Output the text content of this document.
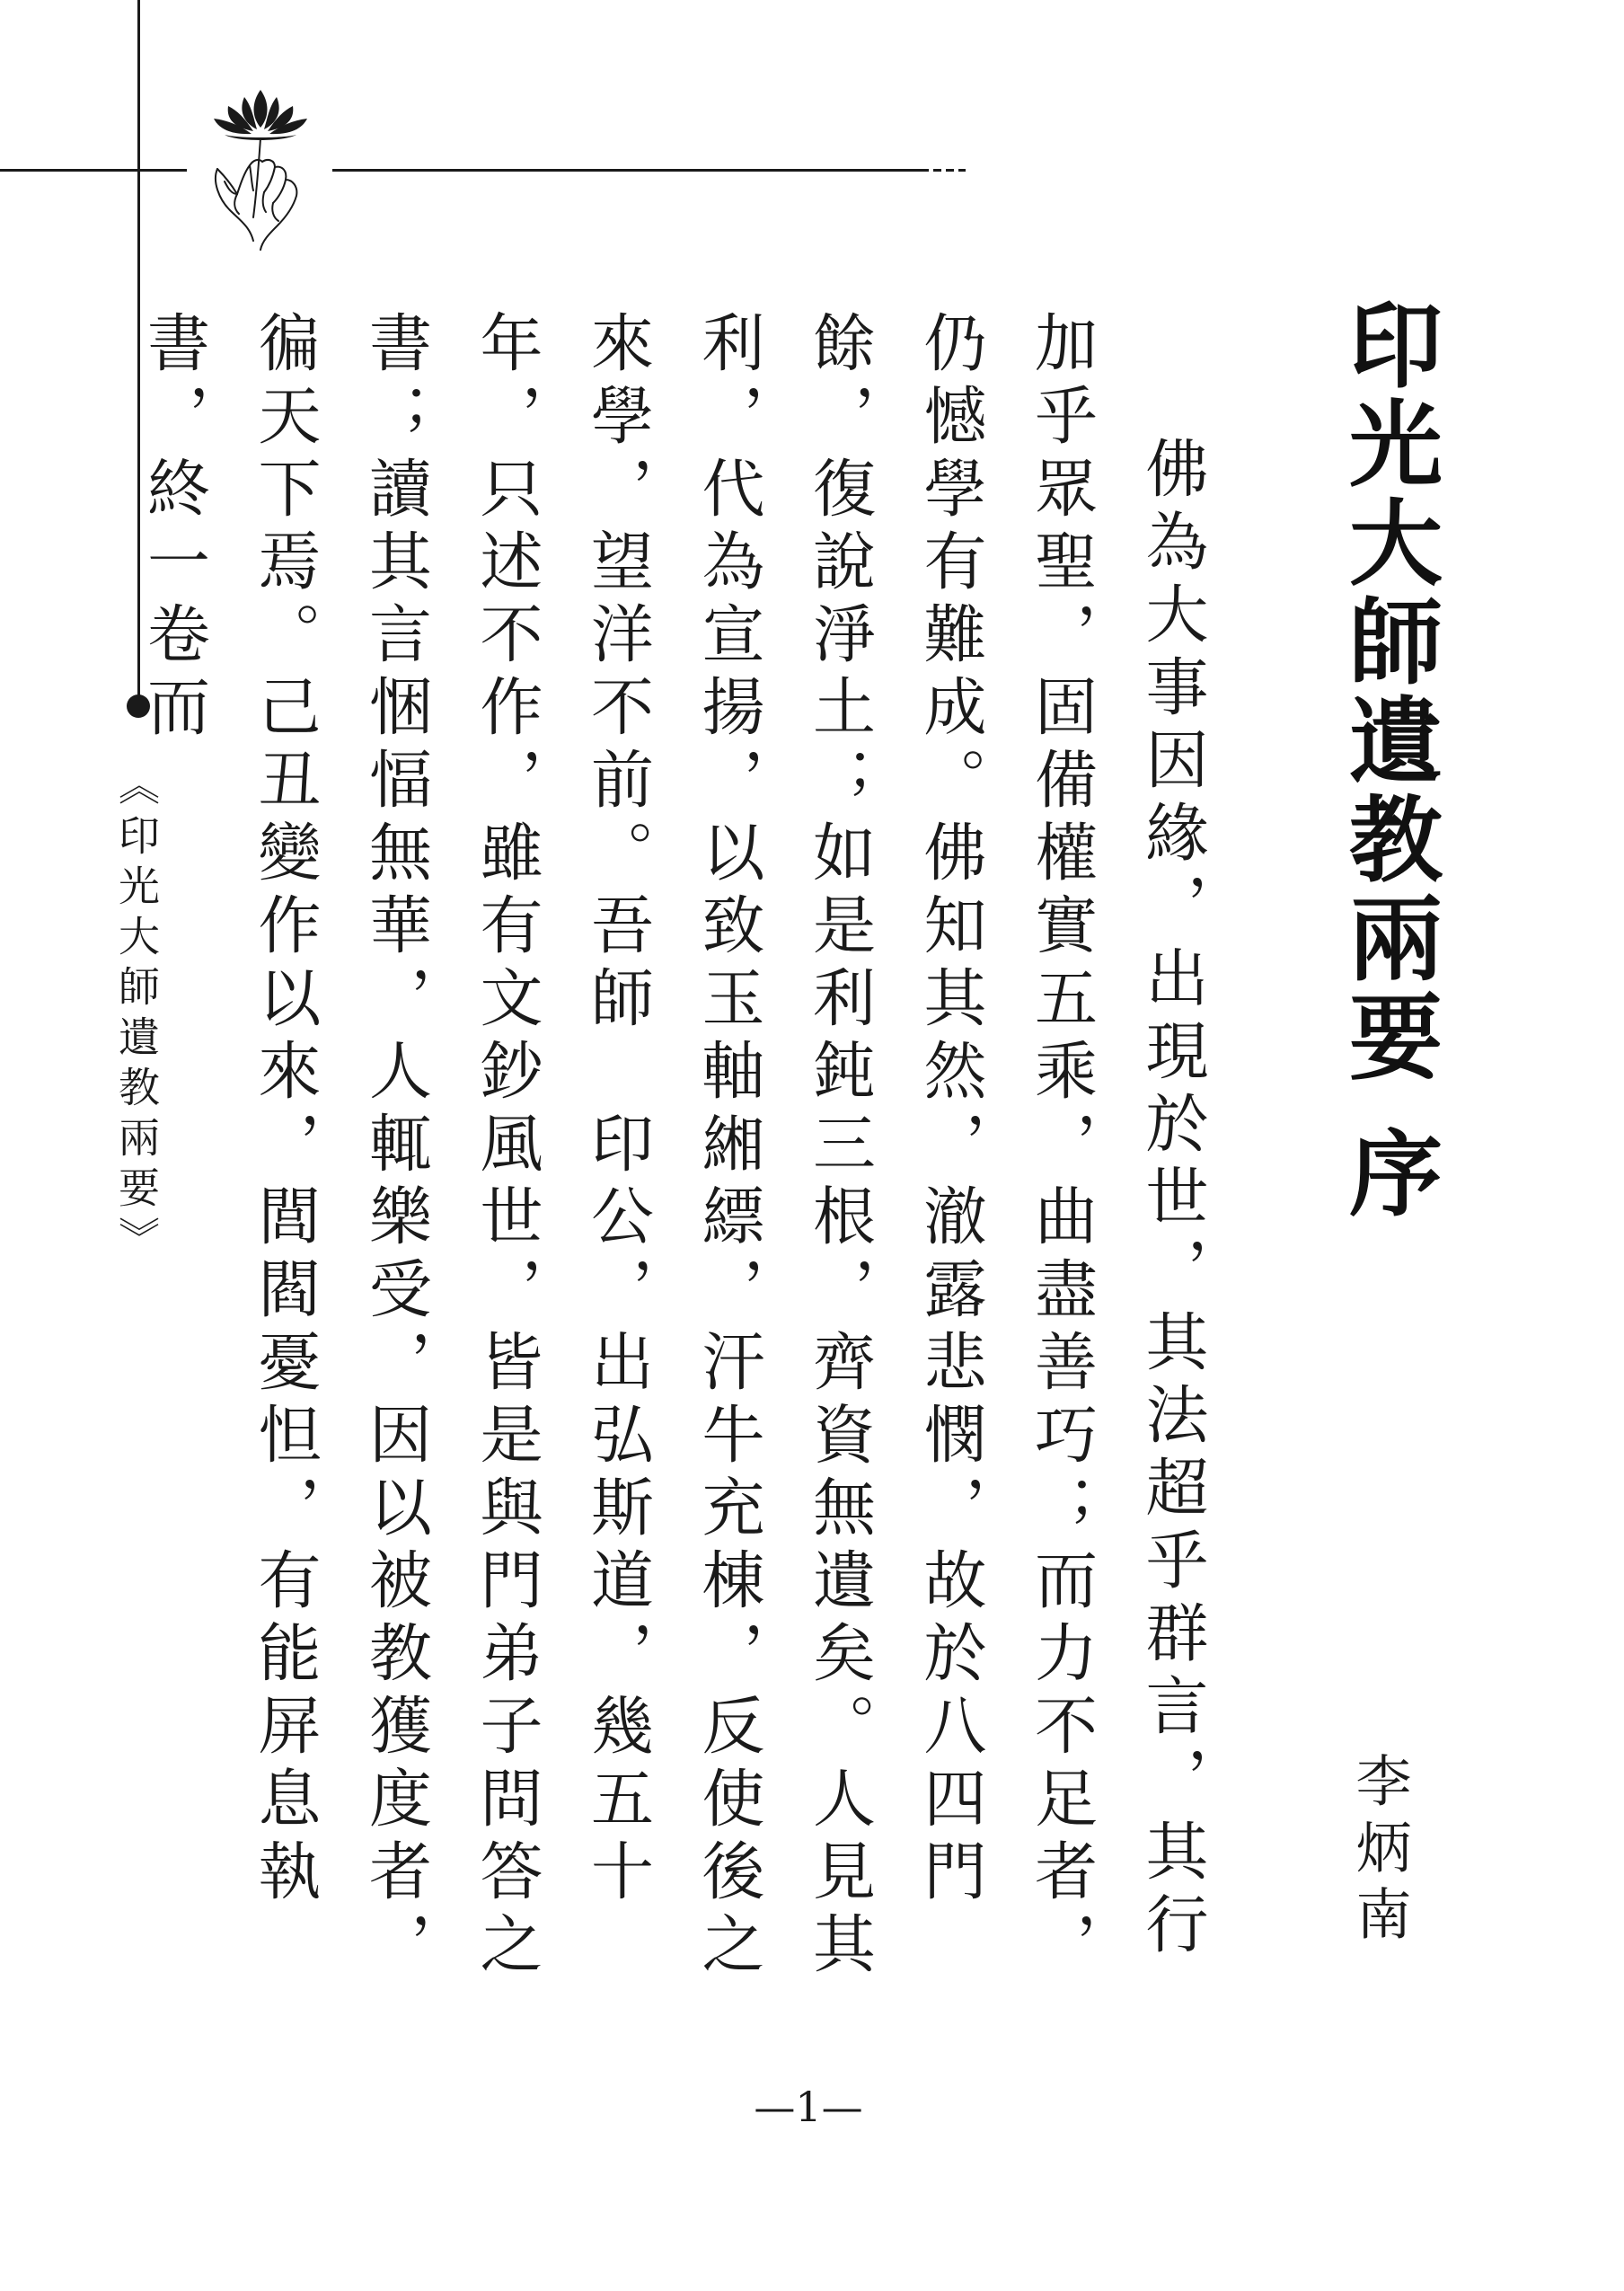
《印光大師遺教兩要》	印光大師遺教兩要 序
李炳南
佛為大事因緣，出現於世，其法超乎群言，其行加乎眾聖，固備權實五乘，曲盡善巧；而力不足者，仍憾學有難成。佛知其然，澈露悲憫，故於八四門餘，復說淨土；如是利鈍三根，齊資無遺矣。人見其利，代為宣揚，以致玉軸緗縹，汗牛充棟，反使後之來學，望洋不前。吾師　印公，出弘斯道，幾五十年，只述不作，雖有文鈔風世，皆是與門弟子問答之書；讀其言悃愊無華，人輒樂受，因以被教獲度者，徧天下焉。己丑變作以來，閭閻憂怛，有能屏息執書，終一卷而
—1—
